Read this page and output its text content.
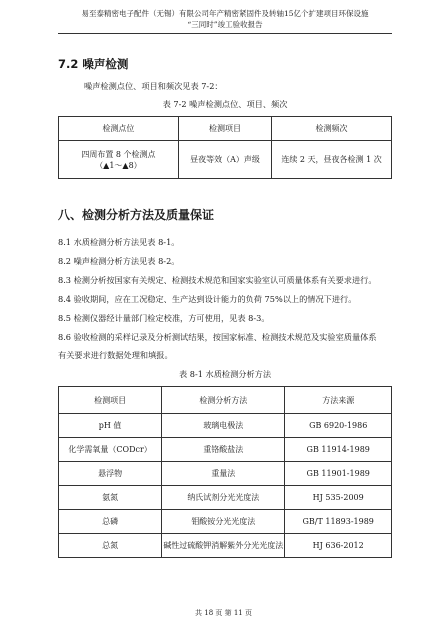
易至泰精密电子配件（无锡）有限公司年产精密紧固件及转轴15亿个扩建项目环保设施
“三同时”竣工验收报告
7.2 噪声检测
噪声检测点位、项目和频次见表 7-2：
表 7-2 噪声检测点位、项目、频次
检测点位	检测项目	检测频次

四周布置 8 个检测点
（▲1～▲8）	昼夜等效（A）声级	连续 2 天，昼夜各检测 1 次
八、检测分析方法及质量保证
8.1 水质检测分析方法见表 8-1。
8.2 噪声检测分析方法见表 8-2。
8.3 检测分析按国家有关规定、检测技术规范和国家实验室认可质量体系有关要求进行。
8.4 验收期间，应在工况稳定、生产达到设计能力的负荷 75%以上的情况下进行。
8.5 检测仪器经计量部门检定校准，方可使用，见表 8-3。
8.6 验收检测的采样记录及分析测试结果，按国家标准、检测技术规范及实验室质量体系
有关要求进行数据处理和填报。
表 8-1 水质检测分析方法
检测项目	检测分析方法	方法来源
pH 值	玻璃电极法	GB 6920-1986
化学需氧量（CODcr）	重铬酸盐法	GB 11914-1989
悬浮物	重量法	GB 11901-1989
氨氮	纳氏试剂分光光度法	HJ 535-2009
总磷	钼酸铵分光光度法	GB/T 11893-1989
总氮	碱性过硫酸钾消解紫外分光光度法	HJ 636-2012
共 18 页 第 11 页
